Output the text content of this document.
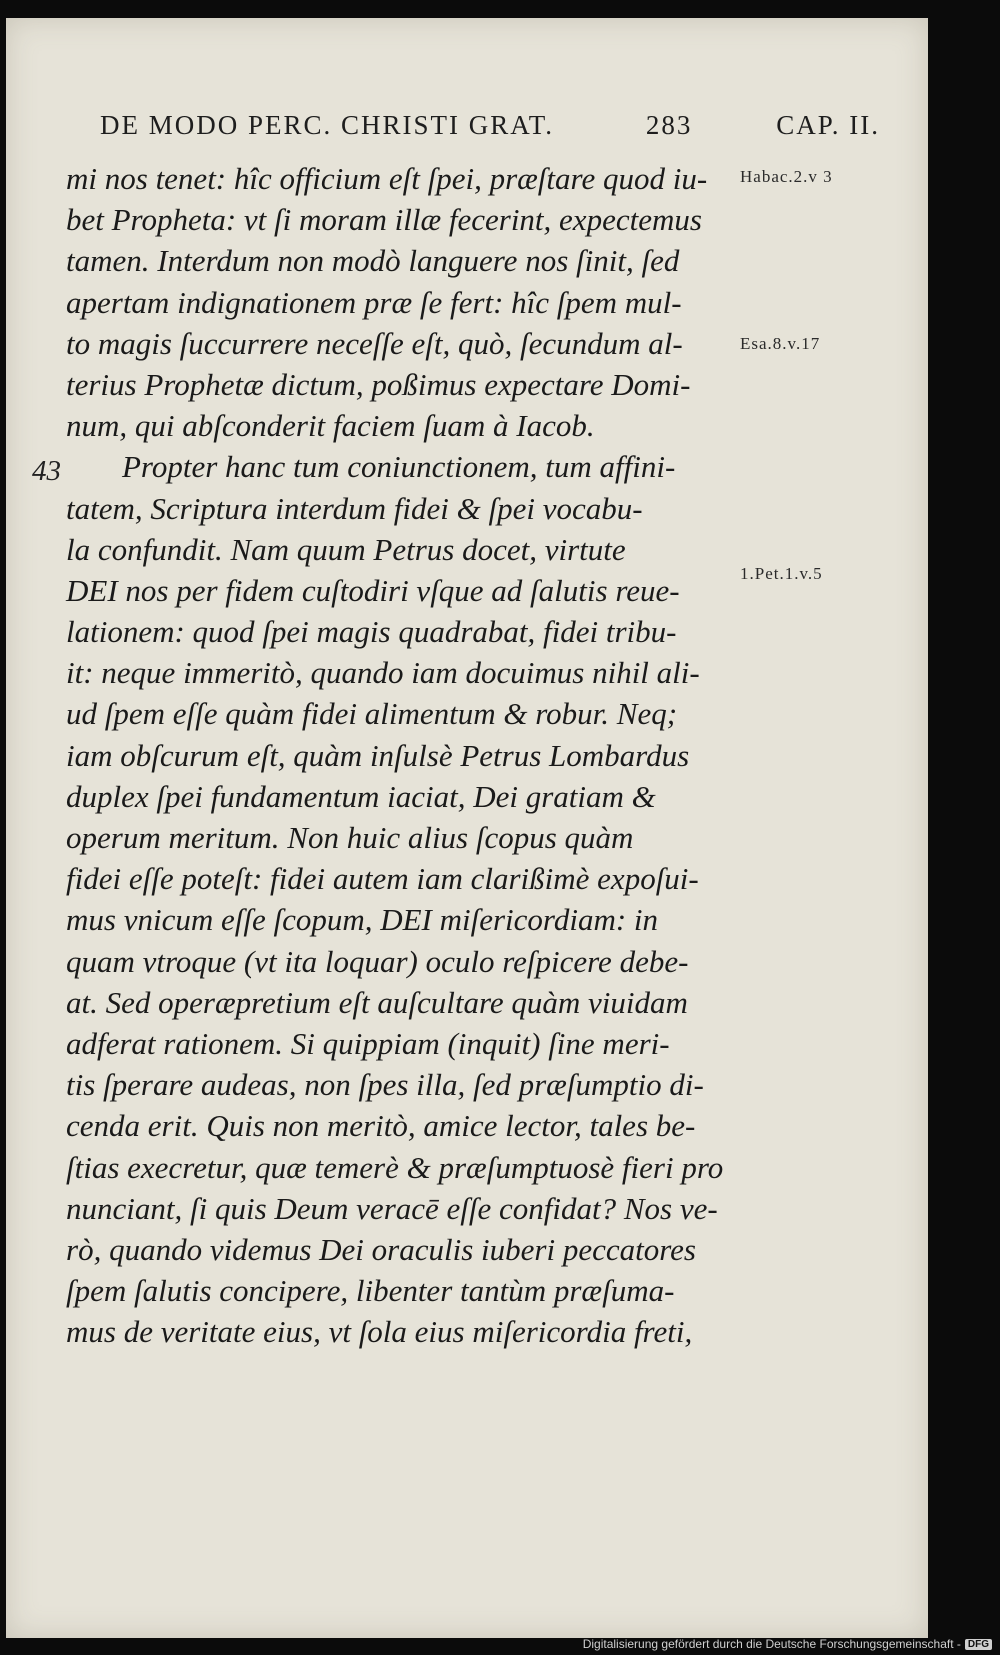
DE MODO PERC. CHRISTI GRAT.	283	CAP. II.
43
Habac.2.v 3
Esa.8.v.17
1.Pet.1.v.5
mi nos tenet: hîc officium eſt ſpei, præſtare quod iu-
bet Propheta: vt ſi moram illæ fecerint, expectemus
tamen. Interdum non modò languere nos ſinit, ſed
apertam indignationem præ ſe fert: hîc ſpem mul-
to magis ſuccurrere neceſſe eſt, quò, ſecundum al-
terius Prophetæ dictum, poßimus expectare Domi-
num, qui abſconderit faciem ſuam à Iacob.
Propter hanc tum coniunctionem, tum affini-
tatem, Scriptura interdum fidei & ſpei vocabu-
la confundit. Nam quum Petrus docet, virtute
DEI nos per fidem cuſtodiri vſque ad ſalutis reue-
lationem: quod ſpei magis quadrabat, fidei tribu-
it: neque immeritò, quando iam docuimus nihil ali-
ud ſpem eſſe quàm fidei alimentum & robur. Neq;
iam obſcurum eſt, quàm inſulsè Petrus Lombardus
duplex ſpei fundamentum iaciat, Dei gratiam &
operum meritum. Non huic alius ſcopus quàm
fidei eſſe poteſt: fidei autem iam clarißimè expoſui-
mus vnicum eſſe ſcopum, DEI miſericordiam: in
quam vtroque (vt ita loquar) oculo reſpicere debe-
at. Sed operæpretium eſt auſcultare quàm viuidam
adferat rationem. Si quippiam (inquit) ſine meri-
tis ſperare audeas, non ſpes illa, ſed præſumptio di-
cenda erit. Quis non meritò, amice lector, tales be-
ſtias execretur, quæ temerè & præſumptuosè fieri pro
nunciant, ſi quis Deum veracē eſſe confidat? Nos ve-
rò, quando videmus Dei oraculis iuberi peccatores
ſpem ſalutis concipere, libenter tantùm præſuma-
mus de veritate eius, vt ſola eius miſericordia freti,
Digitalisierung gefördert durch die Deutsche Forschungsgemeinschaft - DFG
